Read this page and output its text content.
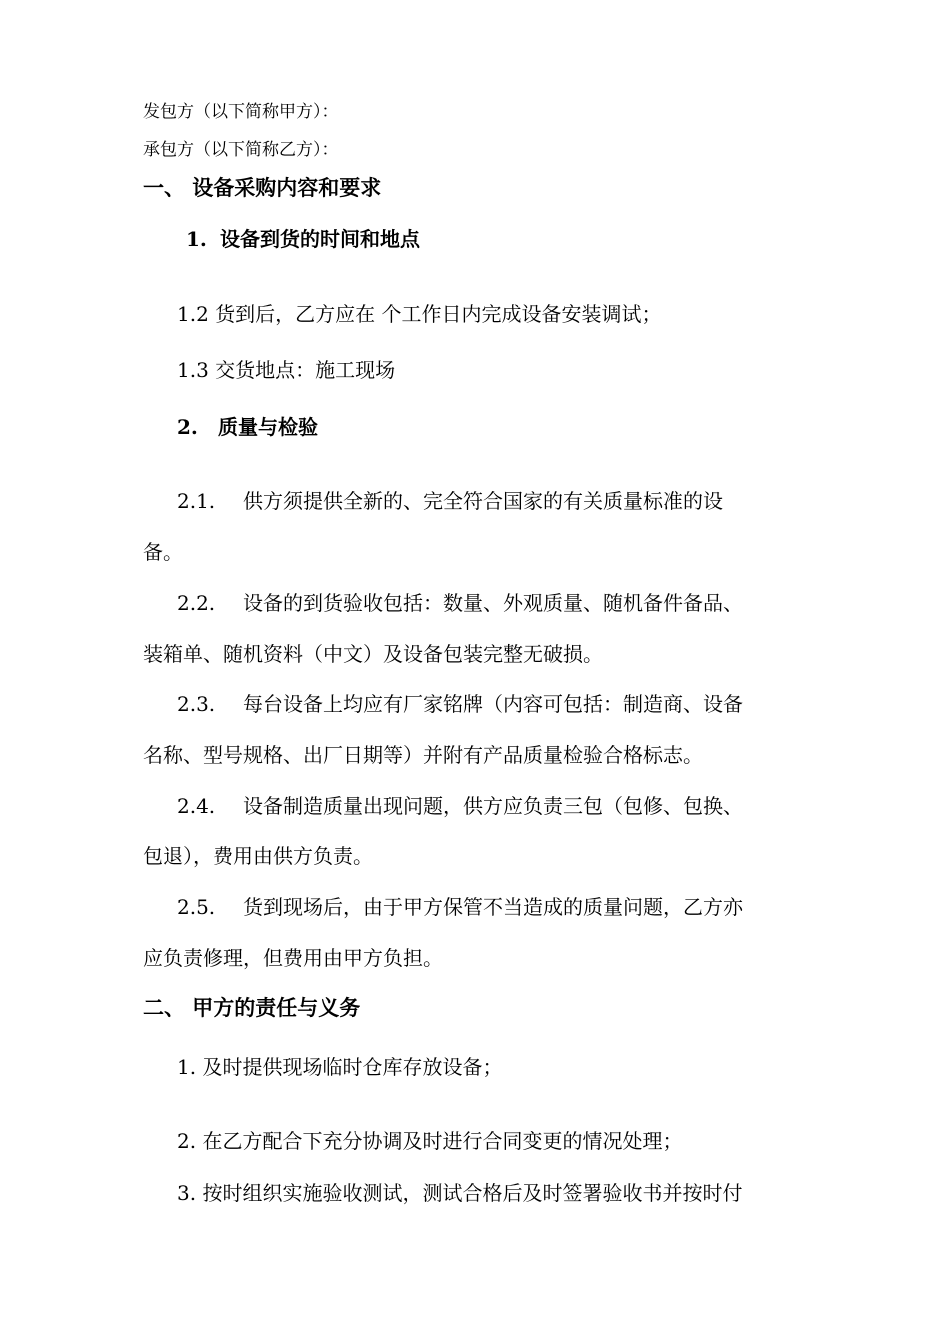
发包方（以下简称甲方）：

承包方（以下简称乙方）：

一、 设备采购内容和要求

1. 设备到货的时间和地点

1.2 货到后，乙方应在 个工作日内完成设备安装调试；

1.3 交货地点：施工现场

2. 质量与检验

2.1. 供方须提供全新的、完全符合国家的有关质量标准的设

备。

2.2. 设备的到货验收包括：数量、外观质量、随机备件备品、

装箱单、随机资料（中文）及设备包装完整无破损。

2.3. 每台设备上均应有厂家铭牌（内容可包括：制造商、设备

名称、型号规格、出厂日期等）并附有产品质量检验合格标志。

2.4. 设备制造质量出现问题，供方应负责三包（包修、包换、

包退），费用由供方负责。

2.5. 货到现场后，由于甲方保管不当造成的质量问题，乙方亦

应负责修理，但费用由甲方负担。

二、 甲方的责任与义务

1. 及时提供现场临时仓库存放设备；

2. 在乙方配合下充分协调及时进行合同变更的情况处理；

3. 按时组织实施验收测试，测试合格后及时签署验收书并按时付
